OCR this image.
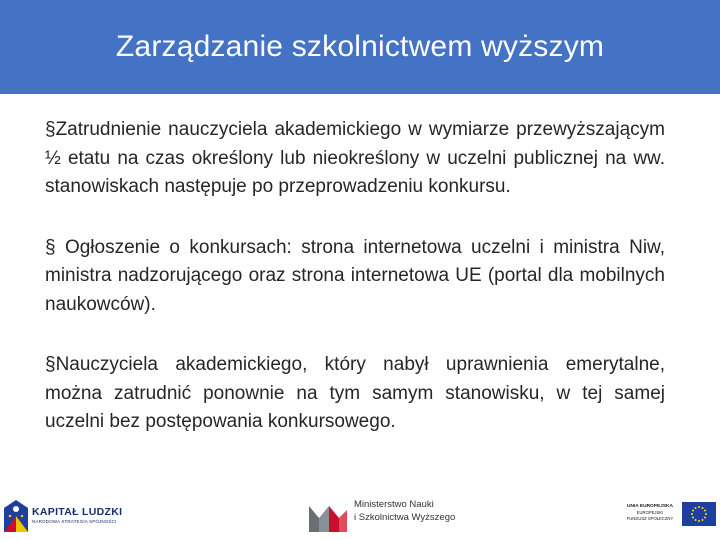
Zarządzanie szkolnictwem wyższym

§Zatrudnienie nauczyciela akademickiego w wymiarze przewyższającym ½ etatu na czas określony lub nieokreślony w uczelni publicznej na ww. stanowiskach następuje po przeprowadzeniu konkursu.

§ Ogłoszenie o konkursach: strona internetowa uczelni i ministra Niw, ministra nadzorującego oraz strona internetowa UE (portal dla mobilnych naukowców).

§Nauczyciela akademickiego, który nabył uprawnienia emerytalne, można zatrudnić ponownie na tym samym stanowisku, w tej samej uczelni bez postępowania konkursowego.

KAPITAŁ LUDZKI
NARODOWA STRATEGIA SPÓJNOŚCI
Ministerstwo Nauki
i Szkolnictwa Wyższego
UNIA EUROPEJSKA
EUROPEJSKI
FUNDUSZ SPOŁECZNY
